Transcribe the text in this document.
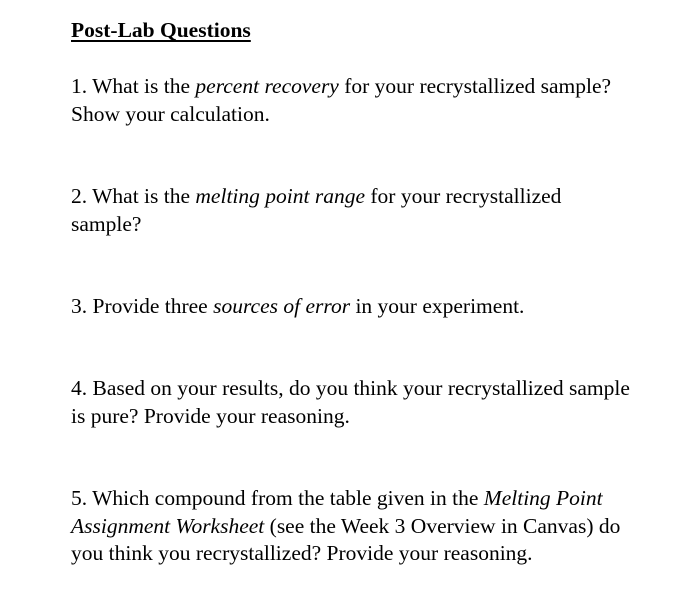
Post-Lab Questions
1. What is the percent recovery for your recrystallized sample?
Show your calculation.
2. What is the melting point range for your recrystallized
sample?
3. Provide three sources of error in your experiment.
4. Based on your results, do you think your recrystallized sample
is pure? Provide your reasoning.
5. Which compound from the table given in the Melting Point
Assignment Worksheet (see the Week 3 Overview in Canvas) do
you think you recrystallized? Provide your reasoning.
